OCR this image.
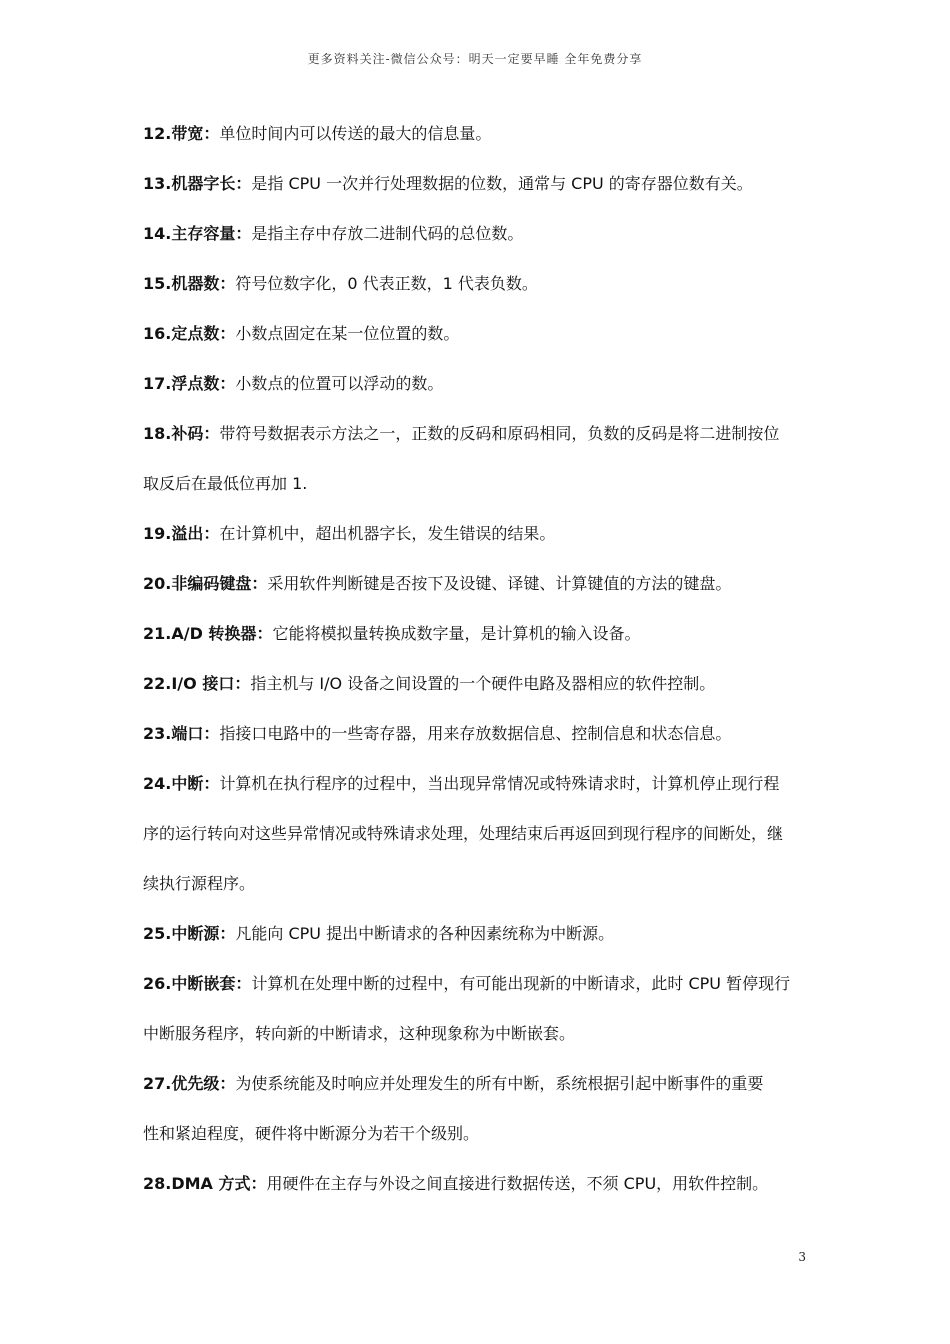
更多资料关注-微信公众号：明天一定要早睡 全年免费分享
12.带宽：单位时间内可以传送的最大的信息量。
13.机器字长：是指 CPU 一次并行处理数据的位数，通常与 CPU 的寄存器位数有关。
14.主存容量：是指主存中存放二进制代码的总位数。
15.机器数：符号位数字化，0 代表正数，1 代表负数。
16.定点数：小数点固定在某一位位置的数。
17.浮点数：小数点的位置可以浮动的数。
18.补码：带符号数据表示方法之一，正数的反码和原码相同，负数的反码是将二进制按位
取反后在最低位再加 1.
19.溢出：在计算机中，超出机器字长，发生错误的结果。
20.非编码键盘：采用软件判断键是否按下及设键、译键、计算键值的方法的键盘。
21.A/D 转换器：它能将模拟量转换成数字量，是计算机的输入设备。
22.I/O 接口：指主机与 I/O 设备之间设置的一个硬件电路及器相应的软件控制。
23.端口：指接口电路中的一些寄存器，用来存放数据信息、控制信息和状态信息。
24.中断：计算机在执行程序的过程中，当出现异常情况或特殊请求时，计算机停止现行程
序的运行转向对这些异常情况或特殊请求处理，处理结束后再返回到现行程序的间断处，继
续执行源程序。
25.中断源：凡能向 CPU 提出中断请求的各种因素统称为中断源。
26.中断嵌套：计算机在处理中断的过程中，有可能出现新的中断请求，此时 CPU 暂停现行
中断服务程序，转向新的中断请求，这种现象称为中断嵌套。
27.优先级：为使系统能及时响应并处理发生的所有中断，系统根据引起中断事件的重要
性和紧迫程度，硬件将中断源分为若干个级别。
28.DMA 方式：用硬件在主存与外设之间直接进行数据传送，不须 CPU，用软件控制。
3
